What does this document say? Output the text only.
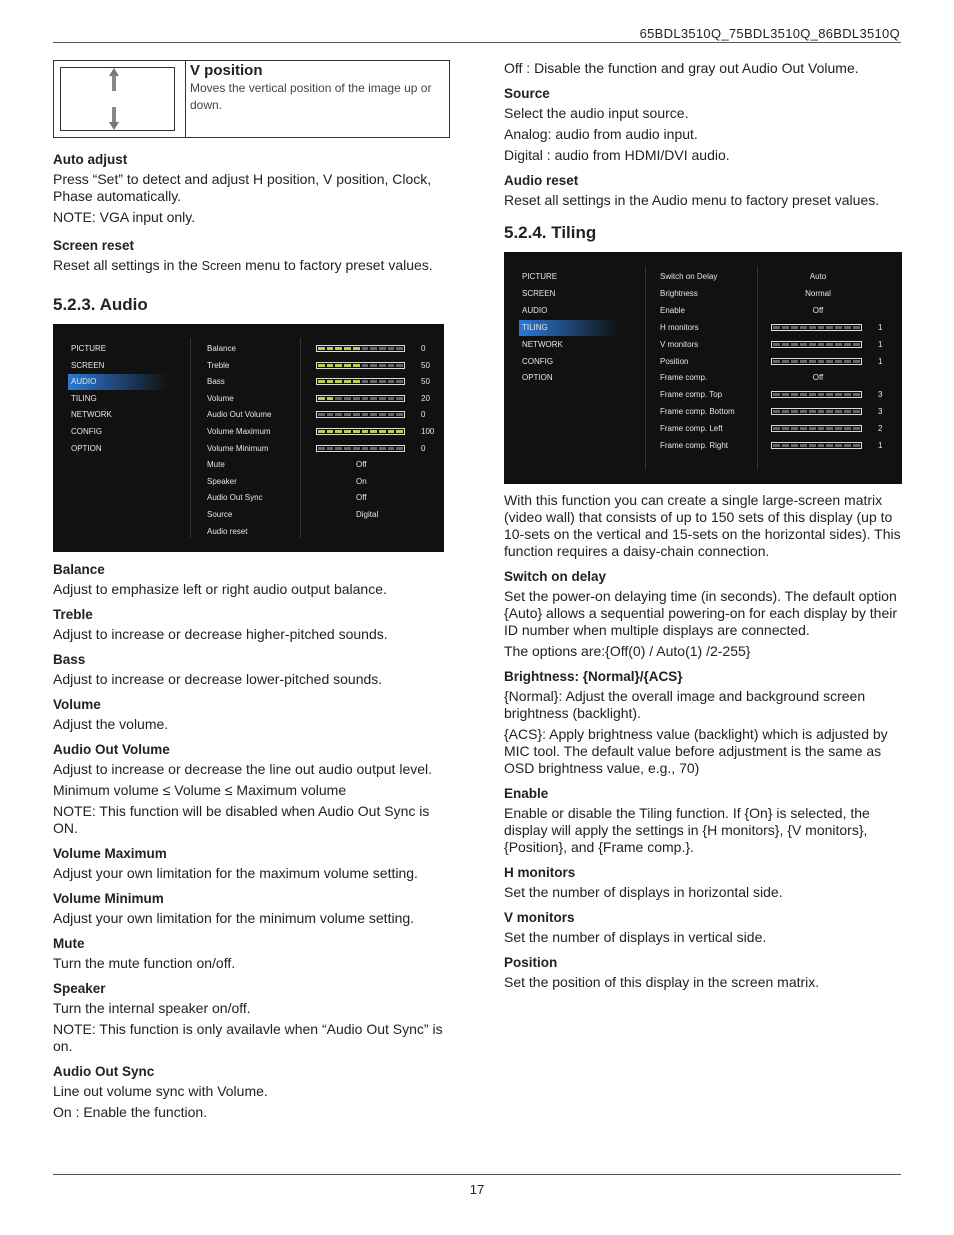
65BDL3510Q_75BDL3510Q_86BDL3510Q
V position
Moves the vertical position of the image up or down.
Auto adjust
Press “Set” to detect and adjust H position, V position, Clock, Phase automatically.
NOTE: VGA input only.
Screen reset
Reset all settings in the Screen menu to factory preset values.
5.2.3. Audio
PICTURE
SCREEN
AUDIO
TILING
NETWORK
CONFIG
OPTION
Balance	0
Treble	50
Bass	50
Volume	20
Audio Out Volume	0
Volume Maximum	100
Volume Minimum	0
Mute	Off
Speaker	On
Audio Out Sync	Off
Source	Digital
Audio reset
Balance
Adjust to emphasize left or right audio output balance.
Treble
Adjust to increase or decrease higher-pitched sounds.
Bass
Adjust to increase or decrease lower-pitched sounds.
Volume
Adjust the volume.
Audio Out Volume
Adjust to increase or decrease the line out audio output level.
Minimum volume ≤ Volume ≤ Maximum volume
NOTE: This function will be disabled when Audio Out Sync is ON.
Volume Maximum
Adjust your own limitation for the maximum volume setting.
Volume Minimum
Adjust your own limitation for the minimum volume setting.
Mute
Turn the mute function on/off.
Speaker
Turn the internal speaker on/off.
NOTE: This function is only availavle when “Audio Out Sync” is on.
Audio Out Sync
Line out volume sync with Volume.
On : Enable the function.
Off : Disable the function and gray out Audio Out Volume.
Source
Select the audio input source.
Analog: audio from audio input.
Digital : audio from HDMI/DVI audio.
Audio reset
Reset all settings in the Audio menu to factory preset values.
5.2.4. Tiling
PICTURE
SCREEN
AUDIO
TILING
NETWORK
CONFIG
OPTION
Switch on Delay	Auto
Brightness	Normal
Enable	Off
H monitors	1
V monitors	1
Position	1
Frame comp.	Off
Frame comp. Top	3
Frame comp. Bottom	3
Frame comp. Left	2
Frame comp. Right	1
With this function you can create a single large-screen matrix (video wall) that consists of up to 150 sets of this display (up to 10-sets on the vertical and 15-sets on the horizontal sides). This function requires a daisy-chain connection.
Switch on delay
Set the power-on delaying time (in seconds). The default option {Auto} allows a sequential powering-on for each display by their ID number when multiple displays are connected.
The options are:{Off(0) / Auto(1) /2-255}
Brightness: {Normal}/{ACS}
{Normal}: Adjust the overall image and background screen brightness (backlight).
{ACS}: Apply brightness value (backlight) which is adjusted by MIC tool. The default value before adjustment is the same as OSD brightness value, e.g., 70)
Enable
Enable or disable the Tiling function. If {On} is selected, the display will apply the settings in {H monitors}, {V monitors}, {Position}, and {Frame comp.}.
H monitors
Set the number of displays in horizontal side.
V monitors
Set the number of displays in vertical side.
Position
Set the position of this display in the screen matrix.
17
